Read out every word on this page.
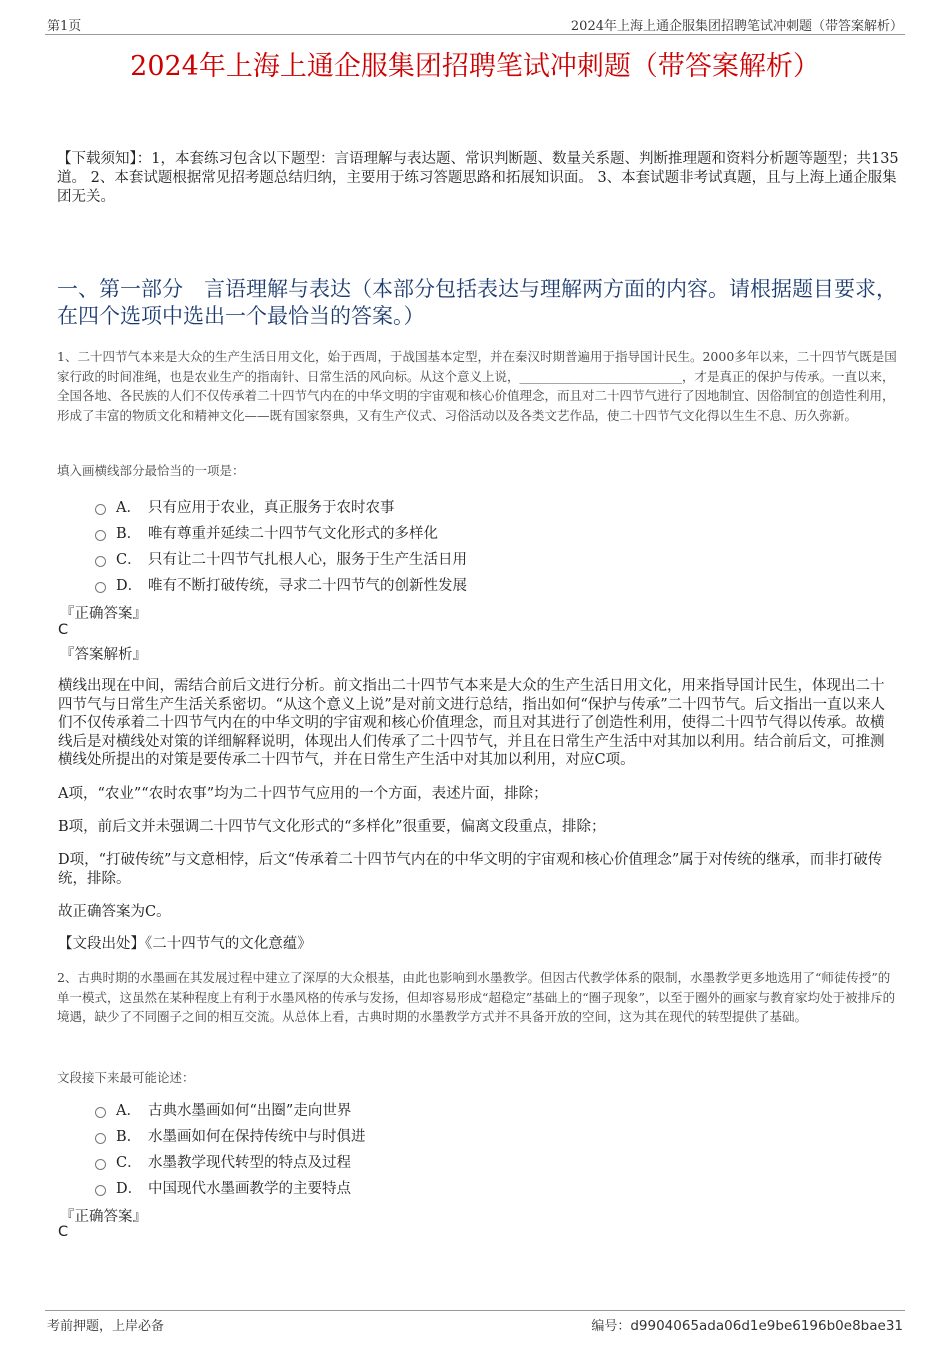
第1页	2024年上海上通企服集团招聘笔试冲刺题（带答案解析）
2024年上海上通企服集团招聘笔试冲刺题（带答案解析）
【下载须知】：1，本套练习包含以下题型：言语理解与表达题、常识判断题、数量关系题、判断推理题和资料分析题等题型；共135道。 2、本套试题根据常见招考题总结归纳，主要用于练习答题思路和拓展知识面。 3、本套试题非考试真题，且与上海上通企服集团无关。
一、第一部分　言语理解与表达（本部分包括表达与理解两方面的内容。请根据题目要求，在四个选项中选出一个最恰当的答案。）
1、二十四节气本来是大众的生产生活日用文化，始于西周，于战国基本定型，并在秦汉时期普遍用于指导国计民生。2000多年以来，二十四节气既是国家行政的时间准绳，也是农业生产的指南针、日常生活的风向标。从这个意义上说，__________________________，才是真正的保护与传承。一直以来，全国各地、各民族的人们不仅传承着二十四节气内在的中华文明的宇宙观和核心价值理念，而且对二十四节气进行了因地制宜、因俗制宜的创造性利用，形成了丰富的物质文化和精神文化——既有国家祭典，又有生产仪式、习俗活动以及各类文艺作品，使二十四节气文化得以生生不息、历久弥新。
填入画横线部分最恰当的一项是：
A． 只有应用于农业，真正服务于农时农事
B． 唯有尊重并延续二十四节气文化形式的多样化
C． 只有让二十四节气扎根人心，服务于生产生活日用
D． 唯有不断打破传统，寻求二十四节气的创新性发展
『正确答案』
C
『答案解析』
横线出现在中间，需结合前后文进行分析。前文指出二十四节气本来是大众的生产生活日用文化，用来指导国计民生，体现出二十四节气与日常生产生活关系密切。“从这个意义上说”是对前文进行总结，指出如何“保护与传承”二十四节气。后文指出一直以来人们不仅传承着二十四节气内在的中华文明的宇宙观和核心价值理念，而且对其进行了创造性利用，使得二十四节气得以传承。故横线后是对横线处对策的详细解释说明，体现出人们传承了二十四节气，并且在日常生产生活中对其加以利用。结合前后文，可推测横线处所提出的对策是要传承二十四节气，并在日常生产生活中对其加以利用，对应C项。
A项，“农业”“农时农事”均为二十四节气应用的一个方面，表述片面，排除；
B项，前后文并未强调二十四节气文化形式的“多样化”很重要，偏离文段重点，排除；
D项，“打破传统”与文意相悖，后文“传承着二十四节气内在的中华文明的宇宙观和核心价值理念”属于对传统的继承，而非打破传统，排除。
故正确答案为C。
【文段出处】《二十四节气的文化意蕴》
2、古典时期的水墨画在其发展过程中建立了深厚的大众根基，由此也影响到水墨教学。但因古代教学体系的限制，水墨教学更多地选用了“师徒传授”的单一模式，这虽然在某种程度上有利于水墨风格的传承与发扬，但却容易形成“超稳定”基础上的“圈子现象”，以至于圈外的画家与教育家均处于被排斥的境遇，缺少了不同圈子之间的相互交流。从总体上看，古典时期的水墨教学方式并不具备开放的空间，这为其在现代的转型提供了基础。
文段接下来最可能论述：
A． 古典水墨画如何“出圈”走向世界
B． 水墨画如何在保持传统中与时俱进
C． 水墨教学现代转型的特点及过程
D． 中国现代水墨画教学的主要特点
『正确答案』
C
考前押题，上岸必备	编号：d9904065ada06d1e9be6196b0e8bae31
